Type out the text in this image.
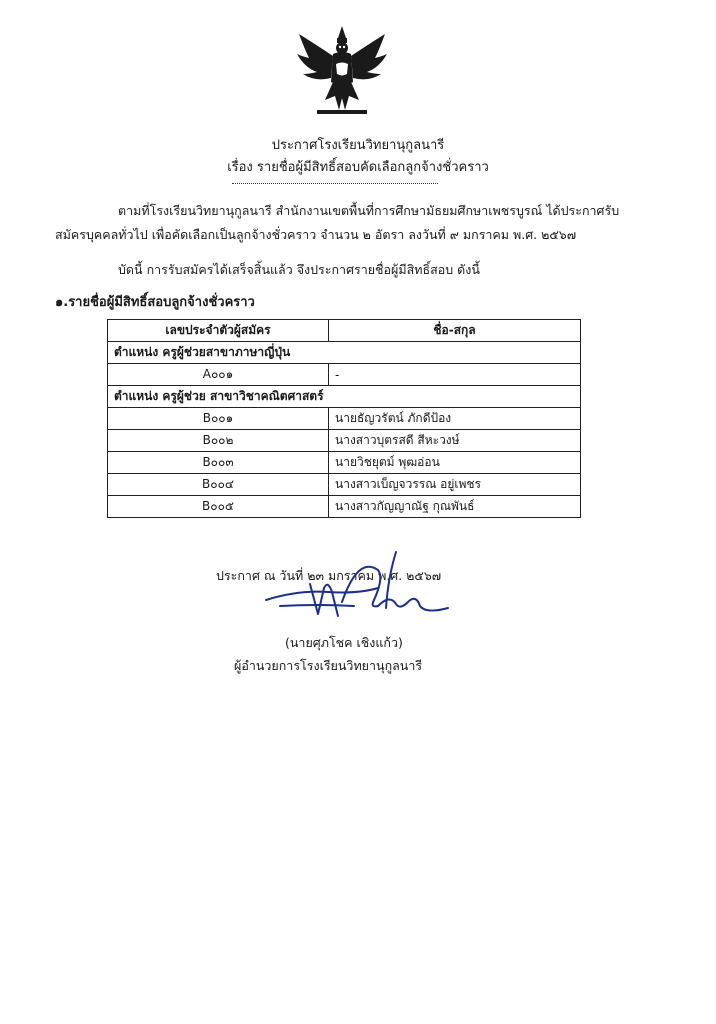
ประกาศโรงเรียนวิทยานุกูลนารี
เรื่อง รายชื่อผู้มีสิทธิ์สอบคัดเลือกลูกจ้างชั่วคราว
ตามที่โรงเรียนวิทยานุกูลนารี สำนักงานเขตพื้นที่การศึกษามัธยมศึกษาเพชรบูรณ์ ได้ประกาศรับ
สมัครบุคคลทั่วไป เพื่อคัดเลือกเป็นลูกจ้างชั่วคราว จำนวน ๒ อัตรา ลงวันที่ ๙ มกราคม พ.ศ. ๒๕๖๗
บัดนี้ การรับสมัครได้เสร็จสิ้นแล้ว จึงประกาศรายชื่อผู้มีสิทธิ์สอบ ดังนี้
๑.รายชื่อผู้มีสิทธิ์สอบลูกจ้างชั่วคราว
เลขประจำตัวผู้สมัคร	ชื่อ-สกุล
ตำแหน่ง ครูผู้ช่วยสาขาภาษาญี่ปุ่น	
A๐๐๑	-
ตำแหน่ง ครูผู้ช่วย สาขาวิชาคณิตศาสตร์	
B๐๐๑	นายธัญวรัตน์ ภักดีป้อง
B๐๐๒	นางสาวบุตรสดี สีหะวงษ์
B๐๐๓	นายวิชยุตม์ พุฒอ่อน
B๐๐๔	นางสาวเบ็ญจวรรณ อยู่เพชร
B๐๐๕	นางสาวกัญญาณัฐ กุณพันธ์
ประกาศ ณ วันที่ ๒๓ มกราคม พ.ศ. ๒๕๖๗
(นายศุภโชค เชิงแก้ว)
ผู้อำนวยการโรงเรียนวิทยานุกูลนารี
